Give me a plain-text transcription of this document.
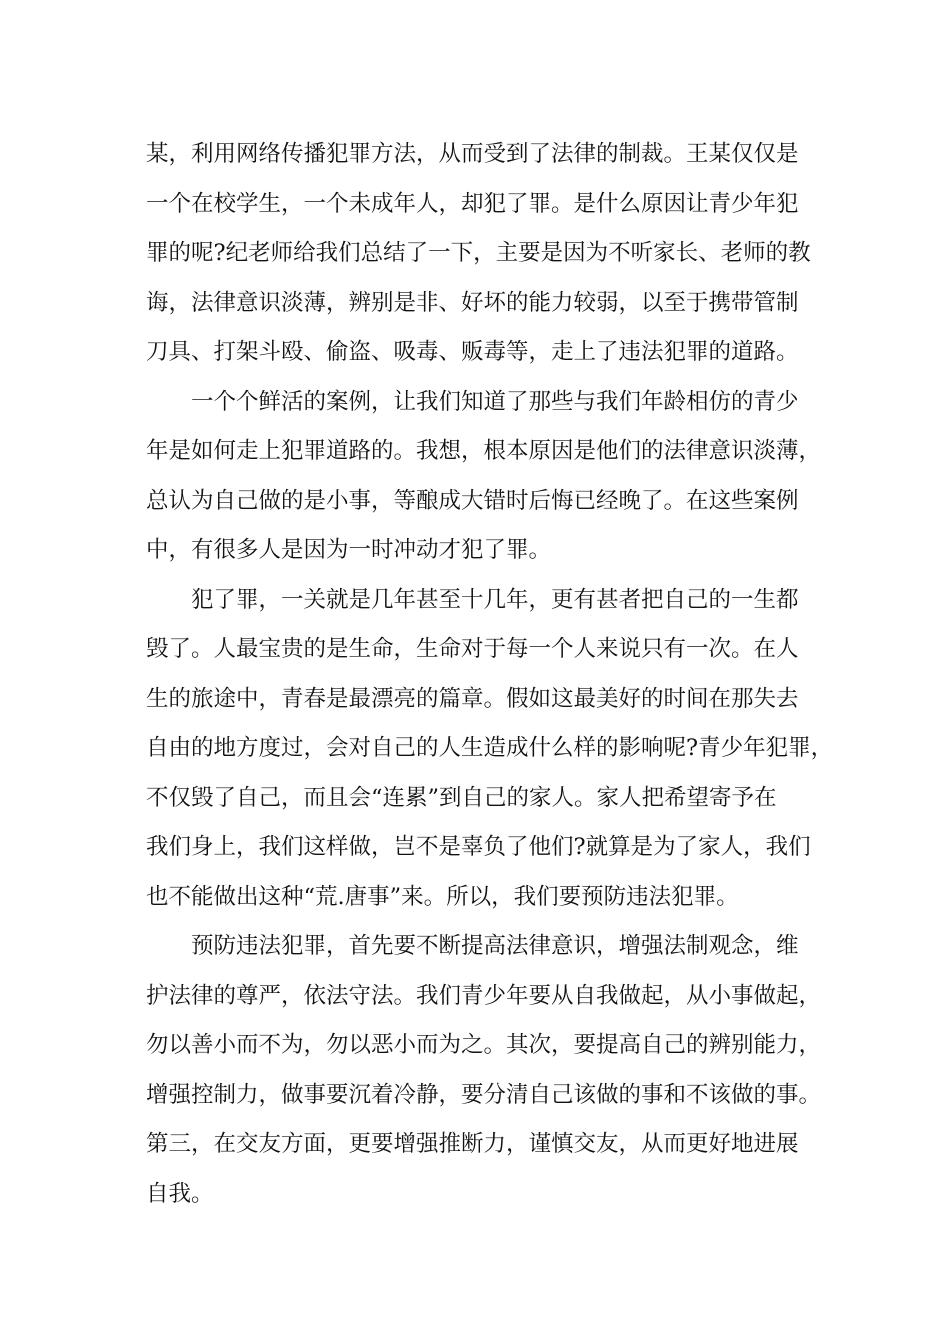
某，利用网络传播犯罪方法，从而受到了法律的制裁。王某仅仅是
一个在校学生，一个未成年人，却犯了罪。是什么原因让青少年犯
罪的呢?纪老师给我们总结了一下，主要是因为不听家长、老师的教
诲，法律意识淡薄，辨别是非、好坏的能力较弱，以至于携带管制
刀具、打架斗殴、偷盗、吸毒、贩毒等，走上了违法犯罪的道路。
一个个鲜活的案例，让我们知道了那些与我们年龄相仿的青少
年是如何走上犯罪道路的。我想，根本原因是他们的法律意识淡薄，
总认为自己做的是小事，等酿成大错时后悔已经晚了。在这些案例
中，有很多人是因为一时冲动才犯了罪。
犯了罪，一关就是几年甚至十几年，更有甚者把自己的一生都
毁了。人最宝贵的是生命，生命对于每一个人来说只有一次。在人
生的旅途中，青春是最漂亮的篇章。假如这最美好的时间在那失去
自由的地方度过，会对自己的人生造成什么样的影响呢?青少年犯罪，
不仅毁了自己，而且会“连累”到自己的家人。家人把希望寄予在
我们身上，我们这样做，岂不是辜负了他们?就算是为了家人，我们
也不能做出这种“荒.唐事”来。所以，我们要预防违法犯罪。
预防违法犯罪，首先要不断提高法律意识，增强法制观念，维
护法律的尊严，依法守法。我们青少年要从自我做起，从小事做起，
勿以善小而不为，勿以恶小而为之。其次，要提高自己的辨别能力，
增强控制力，做事要沉着冷静，要分清自己该做的事和不该做的事。
第三，在交友方面，更要增强推断力，谨慎交友，从而更好地进展
自我。
